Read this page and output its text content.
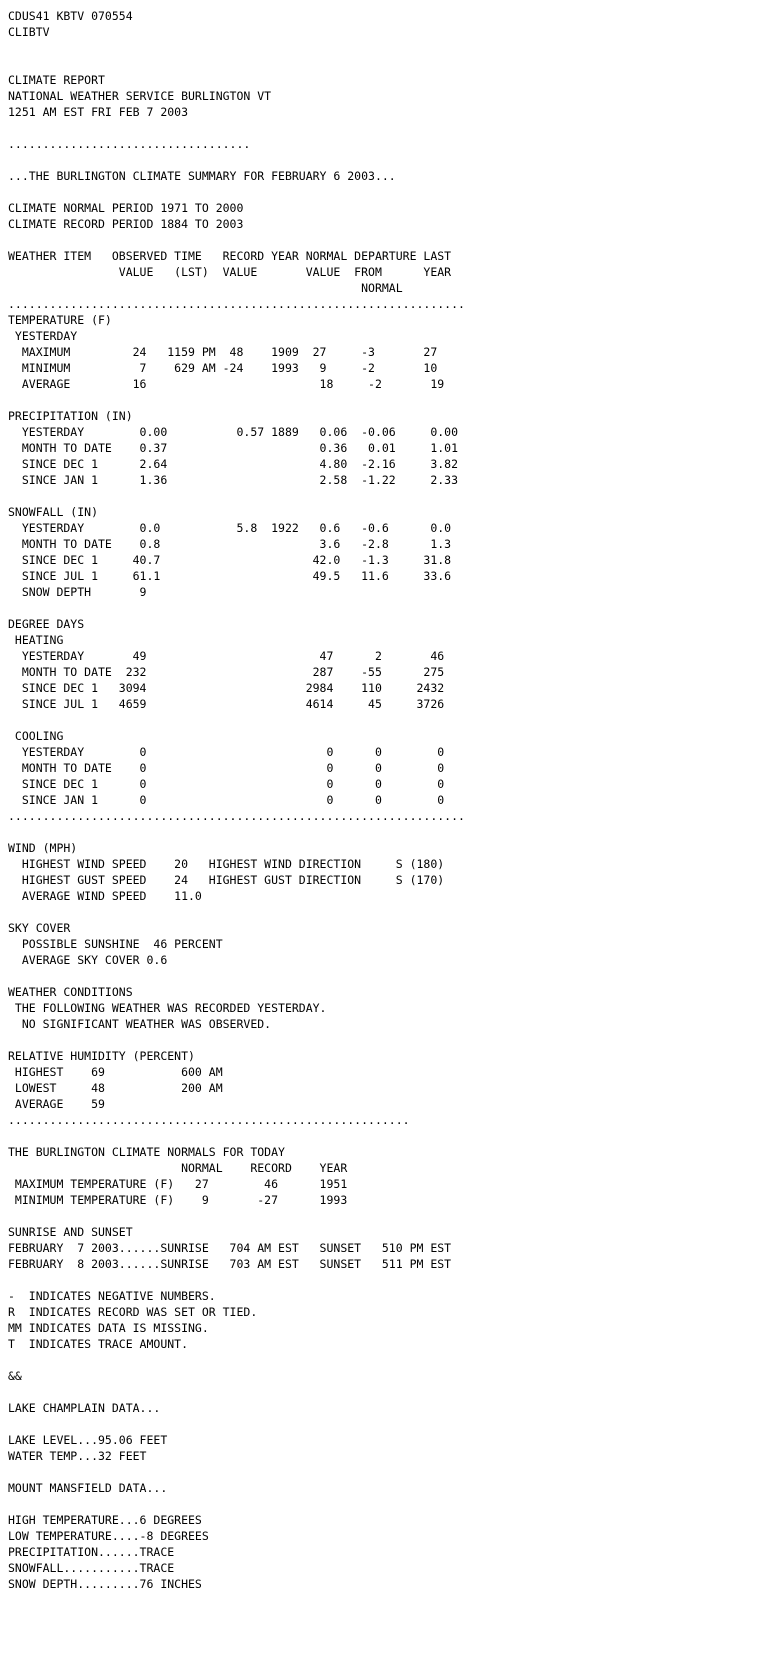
CDUS41 KBTV 070554
CLIBTV
CLIMATE REPORT
NATIONAL WEATHER SERVICE BURLINGTON VT
1251 AM EST FRI FEB 7 2003
...................................
...THE BURLINGTON CLIMATE SUMMARY FOR FEBRUARY 6 2003...
CLIMATE NORMAL PERIOD 1971 TO 2000
CLIMATE RECORD PERIOD 1884 TO 2003
WEATHER ITEM   OBSERVED TIME   RECORD YEAR NORMAL DEPARTURE LAST
VALUE   (LST)  VALUE       VALUE  FROM      YEAR
NORMAL
..................................................................
TEMPERATURE (F)
YESTERDAY
MAXIMUM         24   1159 PM  48    1909  27     -3       27
MINIMUM          7    629 AM -24    1993   9     -2       10
AVERAGE         16                         18     -2       19
PRECIPITATION (IN)
YESTERDAY        0.00          0.57 1889   0.06  -0.06     0.00
MONTH TO DATE    0.37                      0.36   0.01     1.01
SINCE DEC 1      2.64                      4.80  -2.16     3.82
SINCE JAN 1      1.36                      2.58  -1.22     2.33
SNOWFALL (IN)
YESTERDAY        0.0           5.8  1922   0.6   -0.6      0.0
MONTH TO DATE    0.8                       3.6   -2.8      1.3
SINCE DEC 1     40.7                      42.0   -1.3     31.8
SINCE JUL 1     61.1                      49.5   11.6     33.6
SNOW DEPTH       9
DEGREE DAYS
HEATING
YESTERDAY       49                         47      2       46
MONTH TO DATE  232                        287    -55      275
SINCE DEC 1   3094                       2984    110     2432
SINCE JUL 1   4659                       4614     45     3726
COOLING
YESTERDAY        0                          0      0        0
MONTH TO DATE    0                          0      0        0
SINCE DEC 1      0                          0      0        0
SINCE JAN 1      0                          0      0        0
..................................................................
WIND (MPH)
HIGHEST WIND SPEED    20   HIGHEST WIND DIRECTION     S (180)
HIGHEST GUST SPEED    24   HIGHEST GUST DIRECTION     S (170)
AVERAGE WIND SPEED    11.0
SKY COVER
POSSIBLE SUNSHINE  46 PERCENT
AVERAGE SKY COVER 0.6
WEATHER CONDITIONS
THE FOLLOWING WEATHER WAS RECORDED YESTERDAY.
NO SIGNIFICANT WEATHER WAS OBSERVED.
RELATIVE HUMIDITY (PERCENT)
HIGHEST    69           600 AM
LOWEST     48           200 AM
AVERAGE    59
..........................................................
THE BURLINGTON CLIMATE NORMALS FOR TODAY
NORMAL    RECORD    YEAR
MAXIMUM TEMPERATURE (F)   27        46      1951
MINIMUM TEMPERATURE (F)    9       -27      1993
SUNRISE AND SUNSET
FEBRUARY  7 2003......SUNRISE   704 AM EST   SUNSET   510 PM EST
FEBRUARY  8 2003......SUNRISE   703 AM EST   SUNSET   511 PM EST
-  INDICATES NEGATIVE NUMBERS.
R  INDICATES RECORD WAS SET OR TIED.
MM INDICATES DATA IS MISSING.
T  INDICATES TRACE AMOUNT.
&&
LAKE CHAMPLAIN DATA...
LAKE LEVEL...95.06 FEET
WATER TEMP...32 FEET
MOUNT MANSFIELD DATA...
HIGH TEMPERATURE...6 DEGREES
LOW TEMPERATURE....-8 DEGREES
PRECIPITATION......TRACE
SNOWFALL...........TRACE
SNOW DEPTH.........76 INCHES
